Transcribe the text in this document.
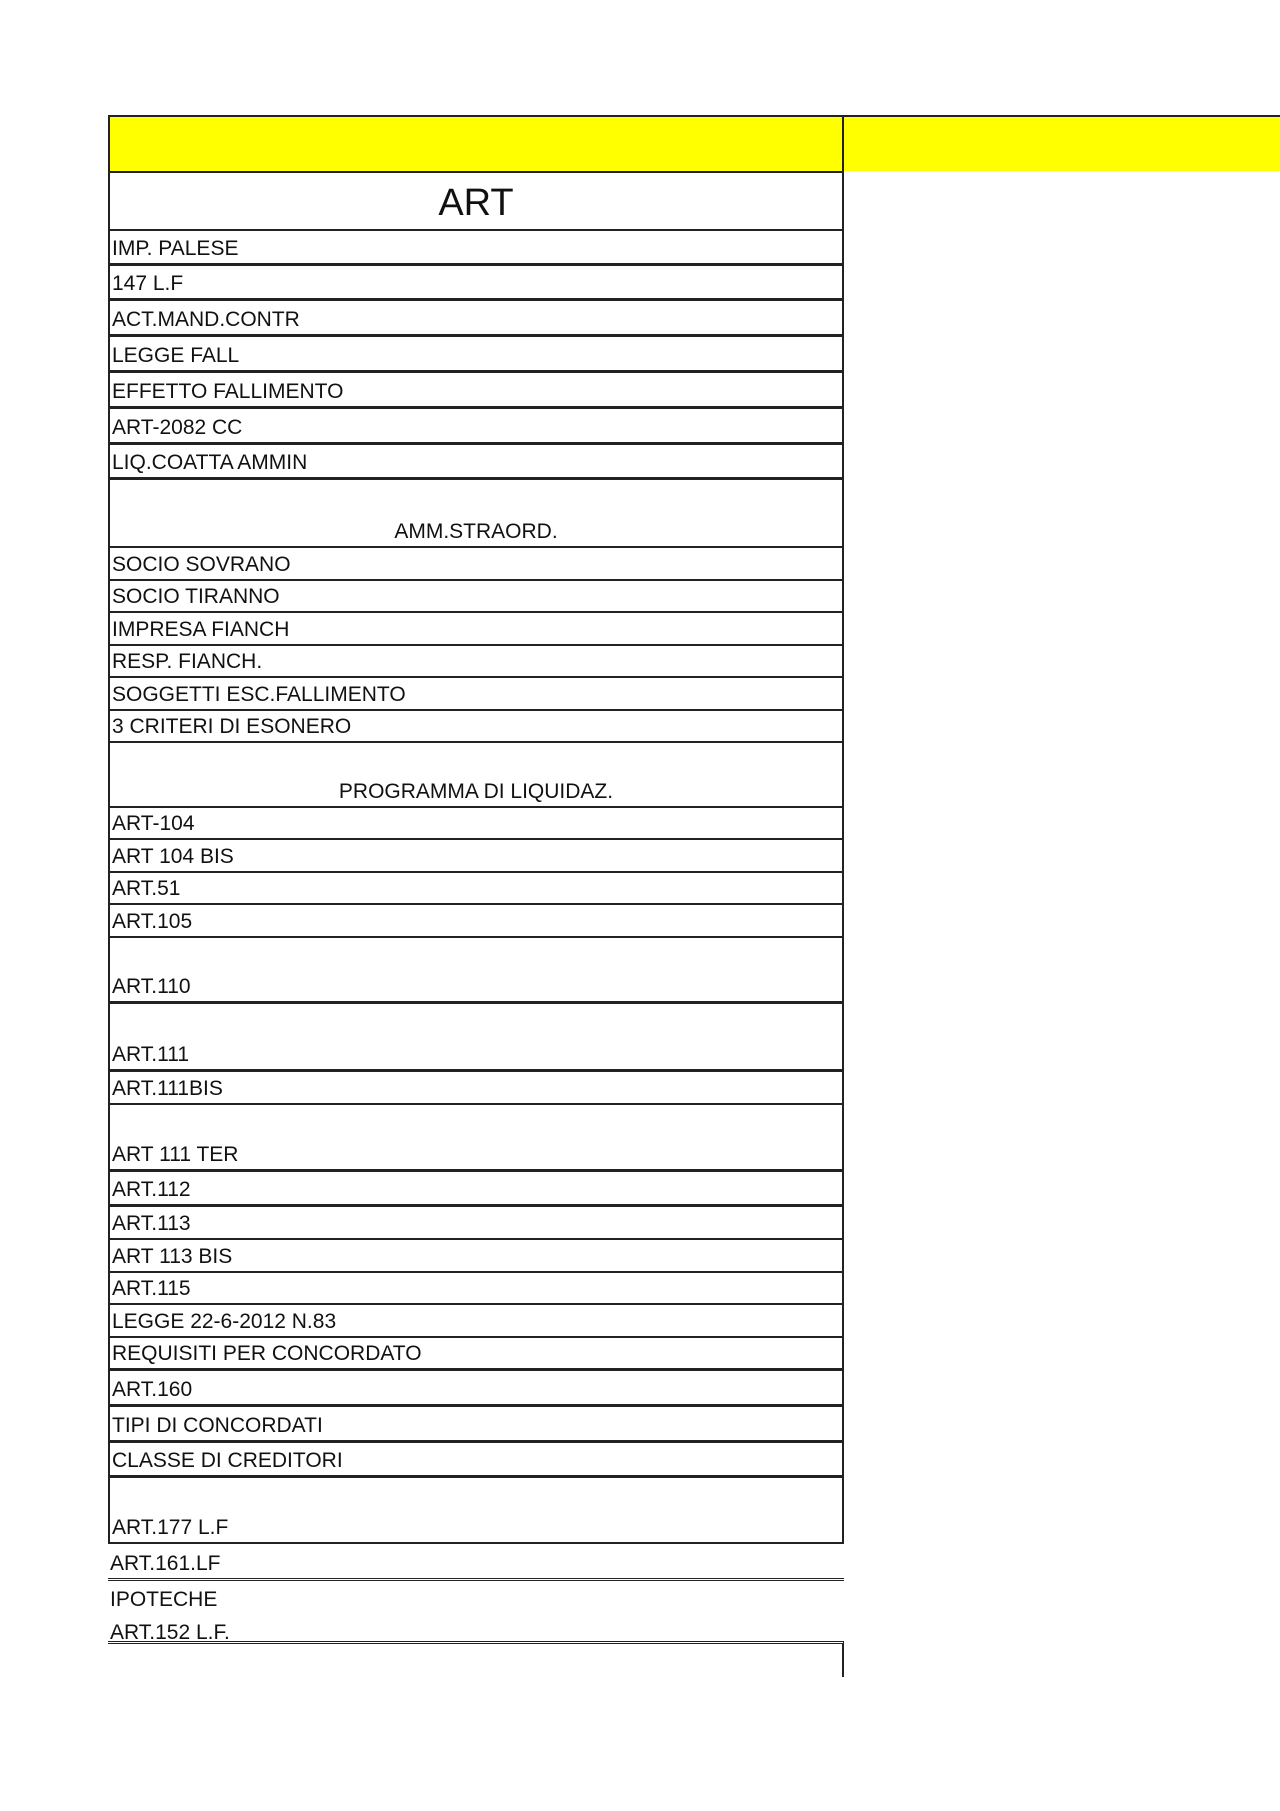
ART
IMP. PALESE
147 L.F
ACT.MAND.CONTR
LEGGE FALL
EFFETTO FALLIMENTO
ART-2082 CC
LIQ.COATTA AMMIN
AMM.STRAORD.
SOCIO SOVRANO
SOCIO TIRANNO
IMPRESA FIANCH
RESP. FIANCH.
SOGGETTI ESC.FALLIMENTO
3 CRITERI DI ESONERO
PROGRAMMA DI LIQUIDAZ.
ART-104
ART 104 BIS
ART.51
ART.105
ART.110
ART.111
ART.111BIS
ART 111 TER
ART.112
ART.113
ART 113 BIS
ART.115
LEGGE 22-6-2012 N.83
REQUISITI PER CONCORDATO
ART.160
TIPI DI CONCORDATI
CLASSE DI CREDITORI
ART.177 L.F
ART.161.LF
IPOTECHE
ART.152 L.F.
